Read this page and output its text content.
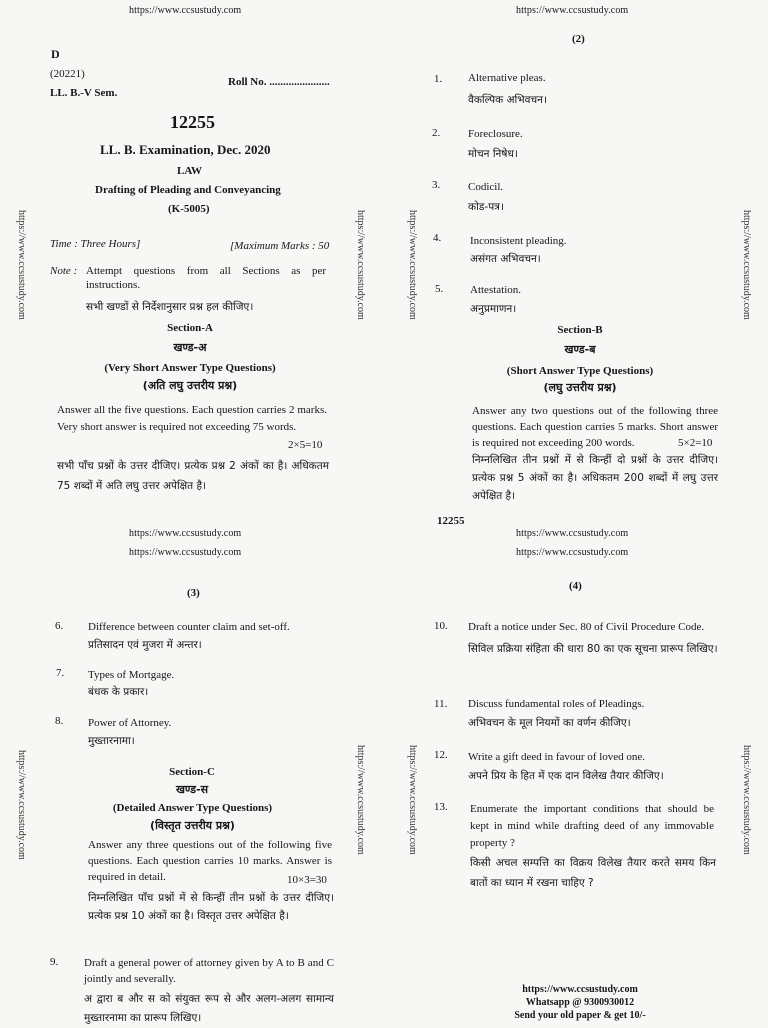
https://www.ccsustudy.com
D
(20221)
Roll No. ......................
LL. B.-V Sem.
12255
LL. B. Examination, Dec. 2020
LAW
Drafting of Pleading and Conveyancing
(K-5005)
Time : Three Hours]	[Maximum Marks : 50
Note : Attempt questions from all Sections as per instructions.
सभी खण्डों से निर्देशानुसार प्रश्न हल कीजिए।
Section-A
खण्ड-अ
(Very Short Answer Type Questions)
(अति लघु उत्तरीय प्रश्न)
Answer all the five questions. Each question carries 2 marks. Very short answer is required not exceeding 75 words.
2×5=10
सभी पाँच प्रश्नों के उत्तर दीजिए। प्रत्येक प्रश्न 2 अंकों का है। अधिकतम 75 शब्दों में अति लघु उत्तर अपेक्षित है।
https://www.ccsustudy.com
https://www.ccsustudy.com
https://www.ccsustudy.com
(2)
1. Alternative pleas.
वैकल्पिक अभिवचन।
2.	Foreclosure.
मोचन निषेध।
3.	Codicil.
कोड-पत्र।
4.	Inconsistent pleading.
असंगत अभिवचन।
5. Attestation.
अनुप्रमाणन।
Section-B
खण्ड-ब
(Short Answer Type Questions)
(लघु उत्तरीय प्रश्न)
Answer any two questions out of the following three questions. Each question carries 5 marks. Short answer is required not exceeding 200 words.	5×2=10
निम्नलिखित तीन प्रश्नों में से किन्हीं दो प्रश्नों के उत्तर दीजिए। प्रत्येक प्रश्न 5 अंकों का है। अधिकतम 200 शब्दों में लघु उत्तर अपेक्षित है।
12255
https://www.ccsustudy.com
https://www.ccsustudy.com
(3)
6. Difference between counter claim and set-off.
प्रतिसादन एवं मुजरा में अन्तर।
7. Types of Mortgage.
बंधक के प्रकार।
8. Power of Attorney.
मुख्तारनामा।
Section-C
खण्ड-स
(Detailed Answer Type Questions)
(विस्तृत उत्तरीय प्रश्न)
Answer any three questions out of the following five questions. Each question carries 10 marks. Answer is required in detail.	10×3=30
निम्नलिखित पाँच प्रश्नों में से किन्हीं तीन प्रश्नों के उत्तर दीजिए। प्रत्येक प्रश्न 10 अंकों का है। विस्तृत उत्तर अपेक्षित है।
9. Draft a general power of attorney given by A to B and C jointly and severally.
अ द्वारा ब और स को संयुक्त रूप से और अलग-अलग सामान्य मुख्तारनामा का प्रारूप लिखिए।
(4)
10. Draft a notice under Sec. 80 of Civil Procedure Code.
सिविल प्रक्रिया संहिता की धारा 80 का एक सूचना प्रारूप लिखिए।
11. Discuss fundamental roles of Pleadings.
अभिवचन के मूल नियमों का वर्णन कीजिए।
12. Write a gift deed in favour of loved one.
अपने प्रिय के हित में एक दान विलेख तैयार कीजिए।
13. Enumerate the important conditions that should be kept in mind while drafting deed of any immovable property ?
किसी अचल सम्पत्ति का विक्रय विलेख तैयार करते समय किन बातों का ध्यान में रखना चाहिए ?
https://www.ccsustudy.com
Whatsapp @ 9300930012
Send your old paper & get 10/-
https://www.ccsustudy.com	https://www.ccsustudy.com	https://www.ccsustudy.com	https://www.ccsustudy.com
https://www.ccsustudy.com	https://www.ccsustudy.com	https://www.ccsustudy.com	https://www.ccsustudy.com
